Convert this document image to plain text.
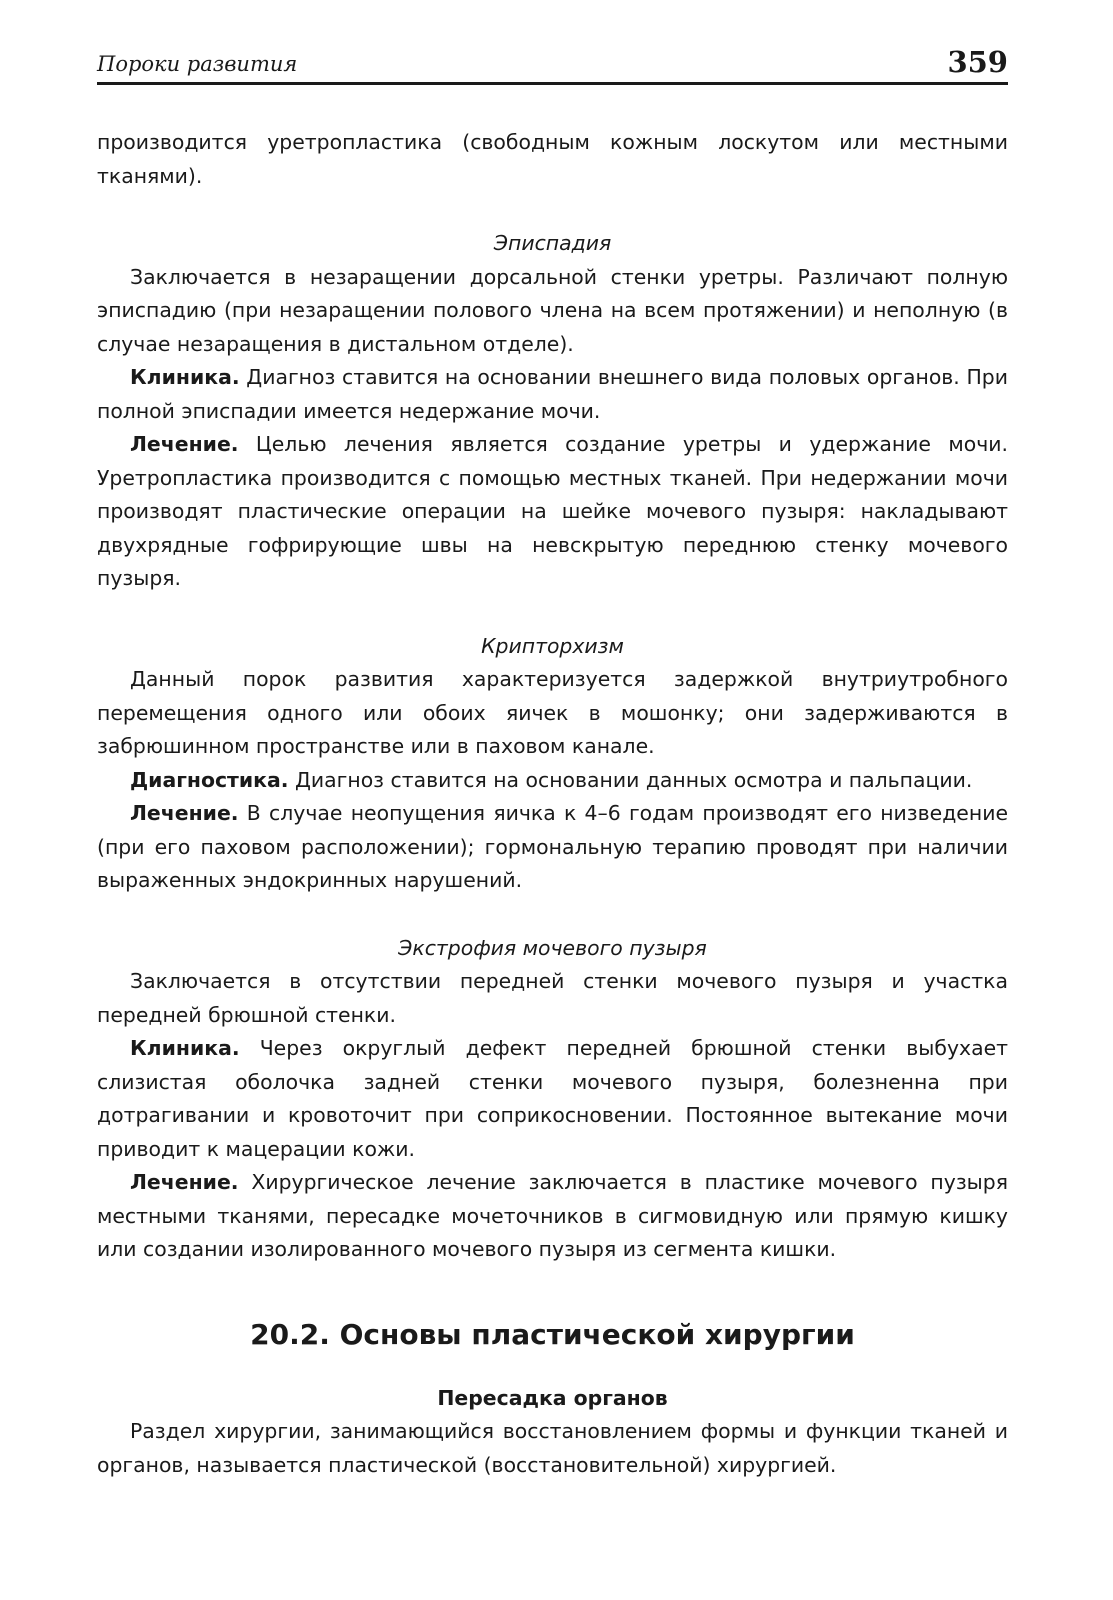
Пороки развития	359

производится уретропластика (свободным кожным лоскутом или местными тканями).

Эпиcпадия

Заключается в незаращении дорсальной стенки уретры. Различают полную эписпадию (при незаращении полового члена на всем протяжении) и неполную (в случае незаращения в дистальном отделе).

Клиника. Диагноз ставится на основании внешнего вида половых органов. При полной эписпадии имеется недержание мочи.

Лечение. Целью лечения является создание уретры и удержание мочи. Уретропластика производится с помощью местных тканей. При недержании мочи производят пластические операции на шейке мочевого пузыря: накладывают двухрядные гофрирующие швы на невскрытую переднюю стенку мочевого пузыря.

Крипторхизм

Данный порок развития характеризуется задержкой внутриутробного перемещения одного или обоих яичек в мошонку; они задерживаются в забрюшинном пространстве или в паховом канале.

Диагностика. Диагноз ставится на основании данных осмотра и пальпации.

Лечение. В случае неопущения яичка к 4–6 годам производят его низведение (при его паховом расположении); гормональную терапию проводят при наличии выраженных эндокринных нарушений.

Экстрофия мочевого пузыря

Заключается в отсутствии передней стенки мочевого пузыря и участка передней брюшной стенки.

Клиника. Через округлый дефект передней брюшной стенки выбухает слизистая оболочка задней стенки мочевого пузыря, болезненна при дотрагивании и кровоточит при соприкосновении. Постоянное вытекание мочи приводит к мацерации кожи.

Лечение. Хирургическое лечение заключается в пластике мочевого пузыря местными тканями, пересадке мочеточников в сигмовидную или прямую кишку или создании изолированного мочевого пузыря из сегмента кишки.

20.2. Основы пластической хирургии
Пересадка органов

Раздел хирургии, занимающийся восстановлением формы и функции тканей и органов, называется пластической (восстановительной) хирургией.
